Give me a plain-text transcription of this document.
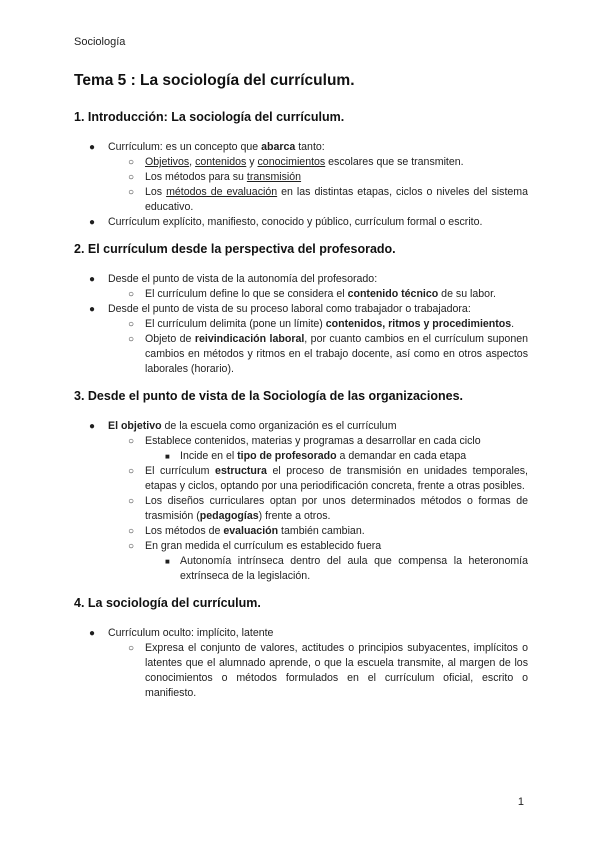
Sociología
Tema 5 : La sociología del currículum.
1. Introducción: La sociología del currículum.
● Currículum: es un concepto que abarca tanto:
○ Objetivos, contenidos y conocimientos escolares que se transmiten.
○ Los métodos para su transmisión
○ Los métodos de evaluación en las distintas etapas, ciclos o niveles del sistema educativo.
● Currículum explícito, manifiesto, conocido y público, currículum formal o escrito.
2. El currículum desde la perspectiva del profesorado.
● Desde el punto de vista de la autonomía del profesorado:
○ El currículum define lo que se considera el contenido técnico de su labor.
● Desde el punto de vista de su proceso laboral como trabajador o trabajadora:
○ El currículum delimita (pone un límite) contenidos, ritmos y procedimientos.
○ Objeto de reivindicación laboral, por cuanto cambios en el currículum suponen cambios en métodos y ritmos en el trabajo docente, así como en otros aspectos laborales (horario).
3. Desde el punto de vista de la Sociología de las organizaciones.
● El objetivo de la escuela como organización es el currículum
○ Establece contenidos, materias y programas a desarrollar en cada ciclo
■ Incide en el tipo de profesorado a demandar en cada etapa
○ El currículum estructura el proceso de transmisión en unidades temporales, etapas y ciclos, optando por una periodificación concreta, frente a otras posibles.
○ Los diseños curriculares optan por unos determinados métodos o formas de trasmisión (pedagogías) frente a otros.
○ Los métodos de evaluación también cambian.
○ En gran medida el currículum es establecido fuera
■ Autonomía intrínseca dentro del aula que compensa la heteronomía extrínseca de la legislación.
4. La sociología del currículum.
● Currículum oculto: implícito, latente
○ Expresa el conjunto de valores, actitudes o principios subyacentes, implícitos o latentes que el alumnado aprende, o que la escuela transmite, al margen de los conocimientos o métodos formulados en el currículum oficial, escrito o manifiesto.
1
